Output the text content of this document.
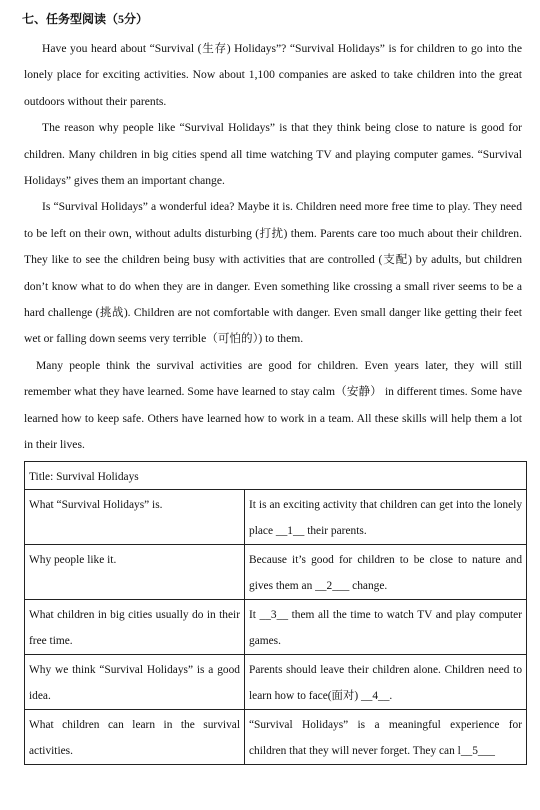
七、任务型阅读（5分）

Have you heard about “Survival (生存) Holidays”? “Survival Holidays” is for children to go into the lonely place for exciting activities. Now about 1,100 companies are asked to take children into the great outdoors without their parents.

The reason why people like “Survival Holidays” is that they think being close to nature is good for children. Many children in big cities spend all time watching TV and playing computer games. “Survival Holidays” gives them an important change.

Is “Survival Holidays” a wonderful idea? Maybe it is. Children need more free time to play. They need to be left on their own, without adults disturbing (打扰) them. Parents care too much about their children. They like to see the children being busy with activities that are controlled (支配) by adults, but children don’t know what to do when they are in danger. Even something like crossing a small river seems to be a hard challenge (挑战). Children are not comfortable with danger. Even small danger like getting their feet wet or falling down seems very terrible（可怕的）) to them.

Many people think the survival activities are good for children. Even years later, they will still remember what they have learned. Some have learned to stay calm（安静） in different times. Some have learned how to keep safe. Others have learned how to work in a team. All these skills will help them a lot in their lives.

Title: Survival Holidays	
What “Survival Holidays” is.	It is an exciting activity that children can get into the lonely place __1__ their parents.
Why people like it.	Because it’s good for children to be close to nature and gives them an __2___ change.
What children in big cities usually do in their free time.	It __3__ them all the time to watch TV and play computer games.
Why we think “Survival Holidays” is a good idea.	Parents should leave their children alone. Children need to learn how to face(面对) __4__.
What children can learn in the survival activities.	“Survival Holidays” is a meaningful experience for children that they will never forget. They can l__5___
